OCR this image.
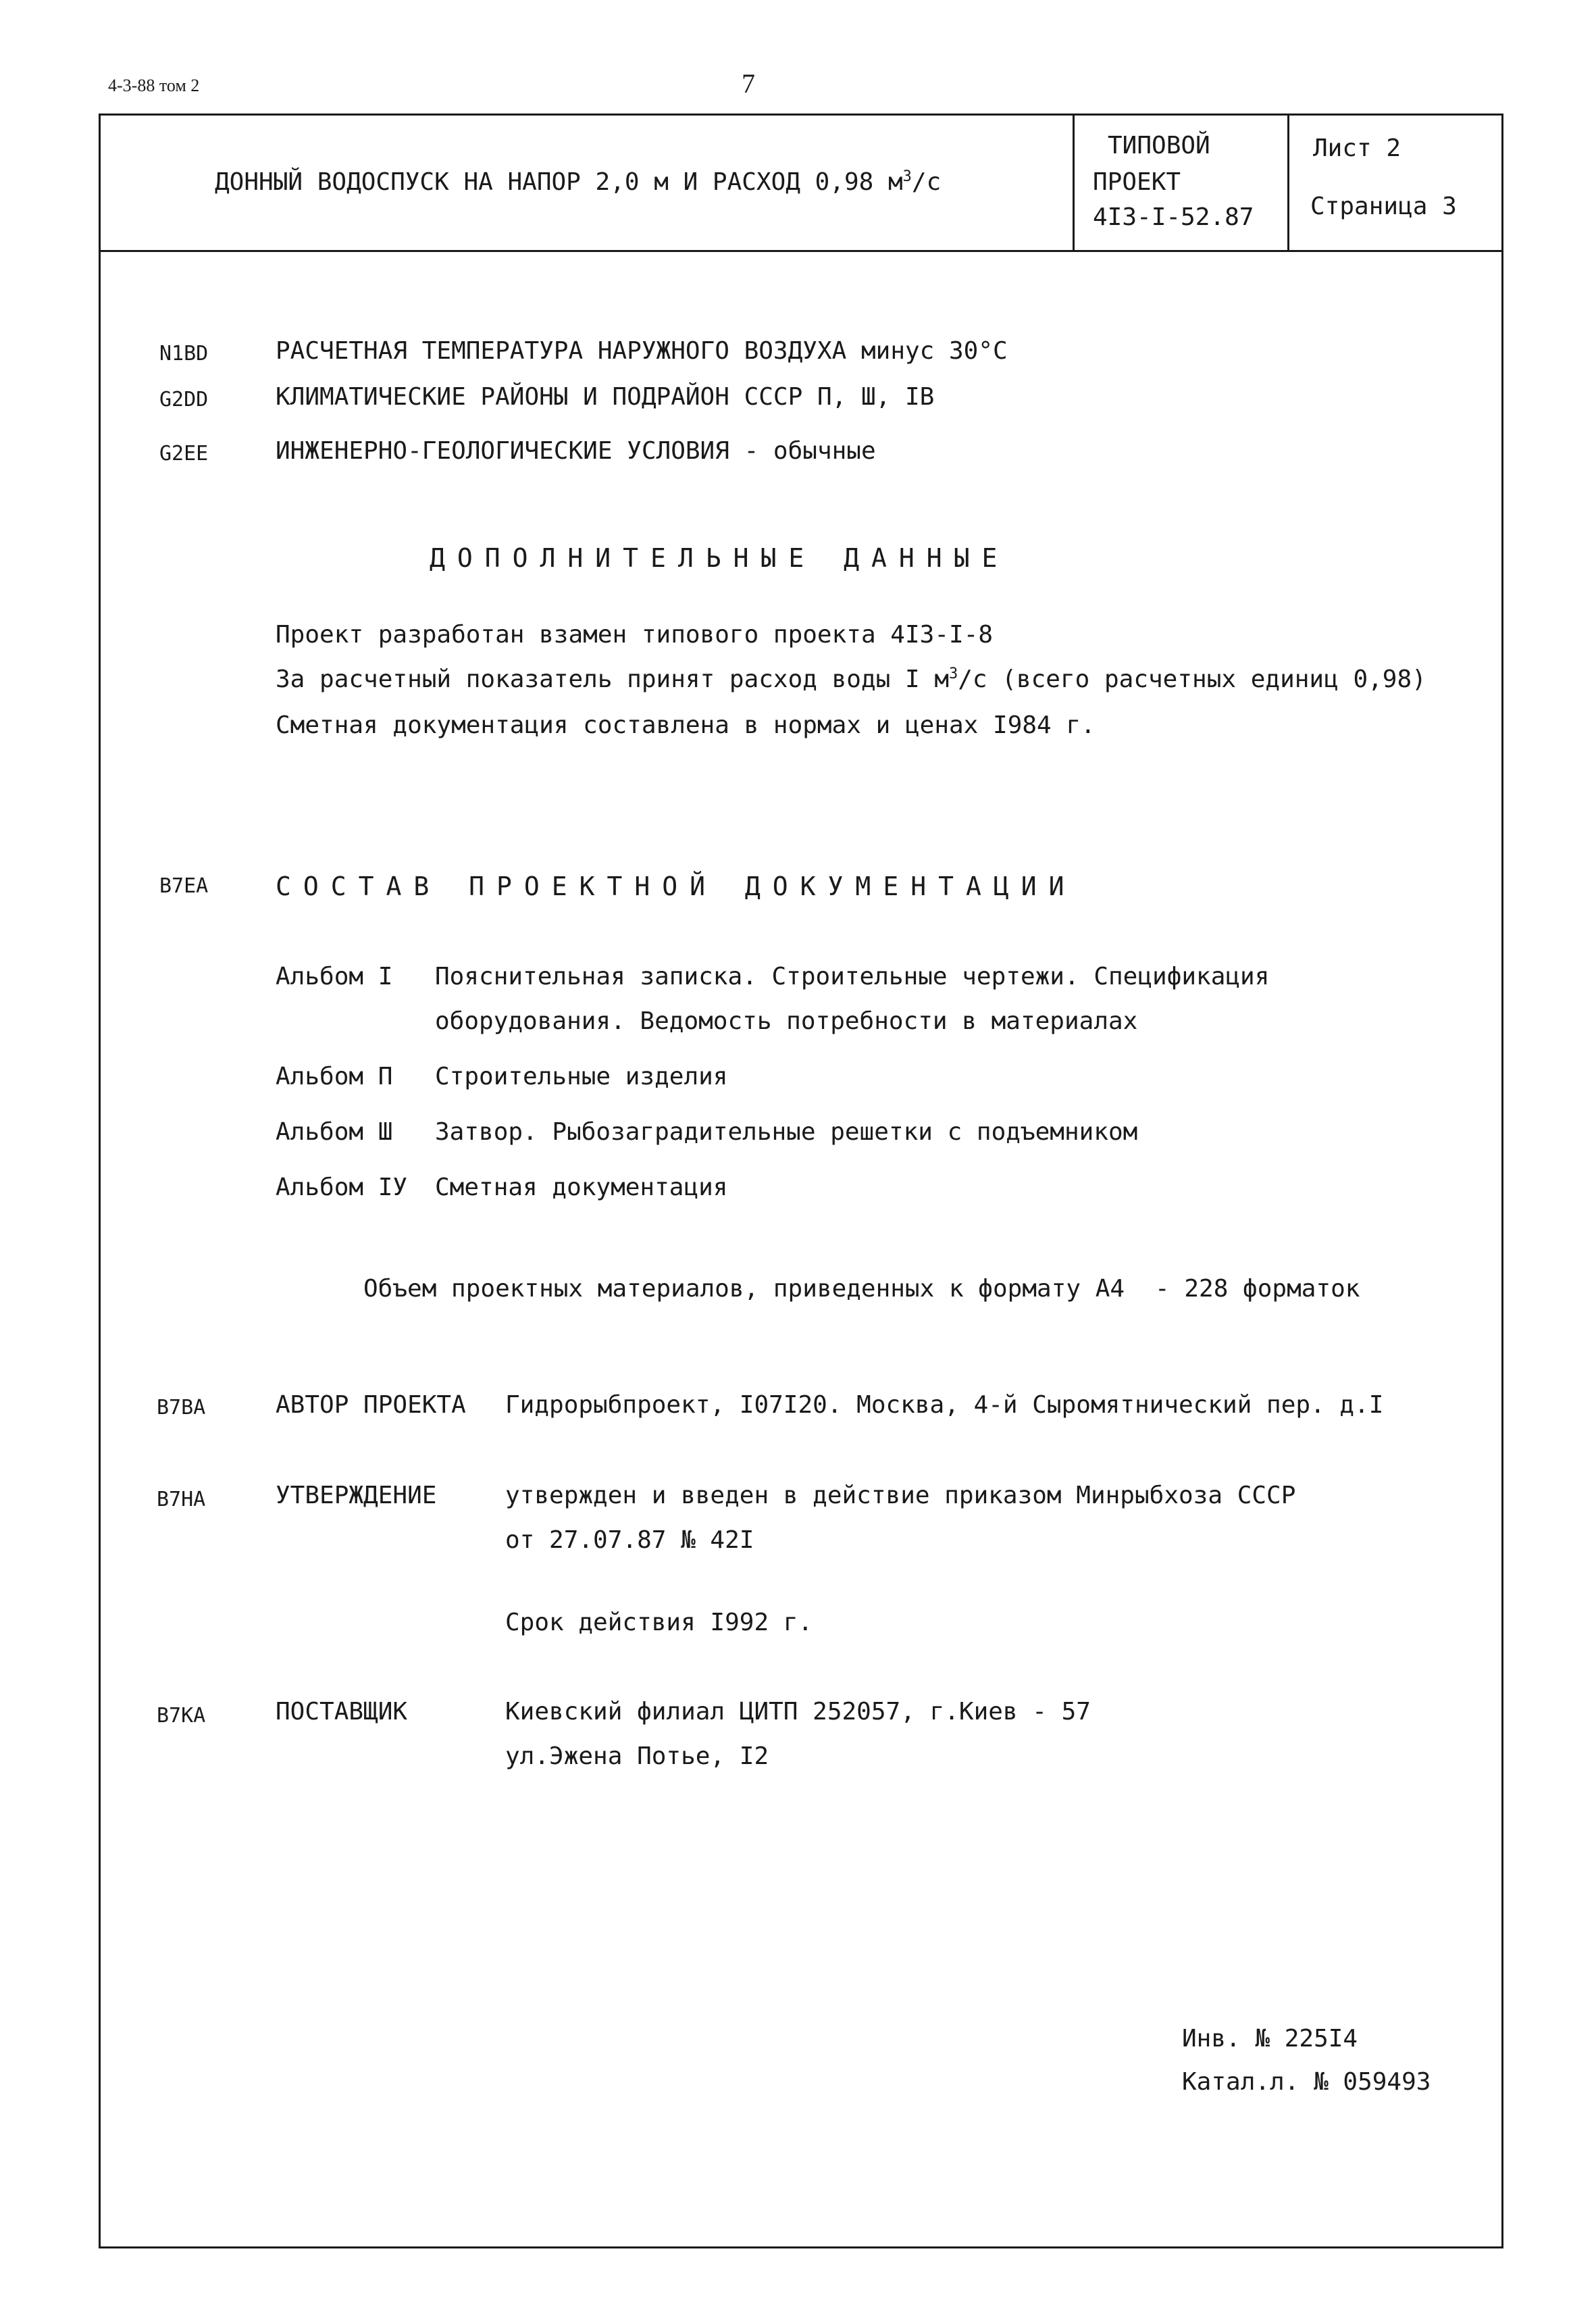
4-3-88 том 2	7
ДОННЫЙ ВОДОСПУСК НА НАПОР 2,0 м И РАСХОД 0,98 $м^3/с$
ТИПОВОЙ
ПРОЕКТ
4I3-I-52.87
Лист 2
Страница 3
N1BD	РАСЧЕТНАЯ ТЕМПЕРАТУРА НАРУЖНОГО ВОЗДУХА минус 30°С
G2DD	КЛИМАТИЧЕСКИЕ РАЙОНЫ И ПОДРАЙОН СССР П, Ш, IB
G2EE	ИНЖЕНЕРНО-ГЕОЛОГИЧЕСКИЕ УСЛОВИЯ - обычные
ДОПОЛНИТЕЛЬНЫЕ ДАННЫЕ
Проект разработан взамен типового проекта 4I3-I-8
За расчетный показатель принят расход воды I $м^3/с$ (всего расчетных единиц 0,98)
Сметная документация составлена в нормах и ценах I984 г.
B7EA	СОСТАВ ПРОЕКТНОЙ ДОКУМЕНТАЦИИ
Альбом I Пояснительная записка. Строительные чертежи. Спецификация
оборудования. Ведомость потребности в материалах
Альбом П Строительные изделия
Альбом Ш Затвор. Рыбозаградительные решетки с подъемником
Альбом IУ Сметная документация
Объем проектных материалов, приведенных к формату А4 - 228 форматок
B7BA	АВТОР ПРОЕКТА Гидрорыбпроект, I07I20. Москва, 4-й Сыромятнический пер. д.I
B7HA	УТВЕРЖДЕНИЕ	утвержден и введен в действие приказом Минрыбхоза СССР
от 27.07.87 № 42I
Срок действия I992 г.
B7KA	ПОСТАВЩИК	Киевский филиал ЦИТП 252057, г.Киев - 57
ул.Эжена Потье, I2
Инв. № 225I4
Катал.л. № 059493
